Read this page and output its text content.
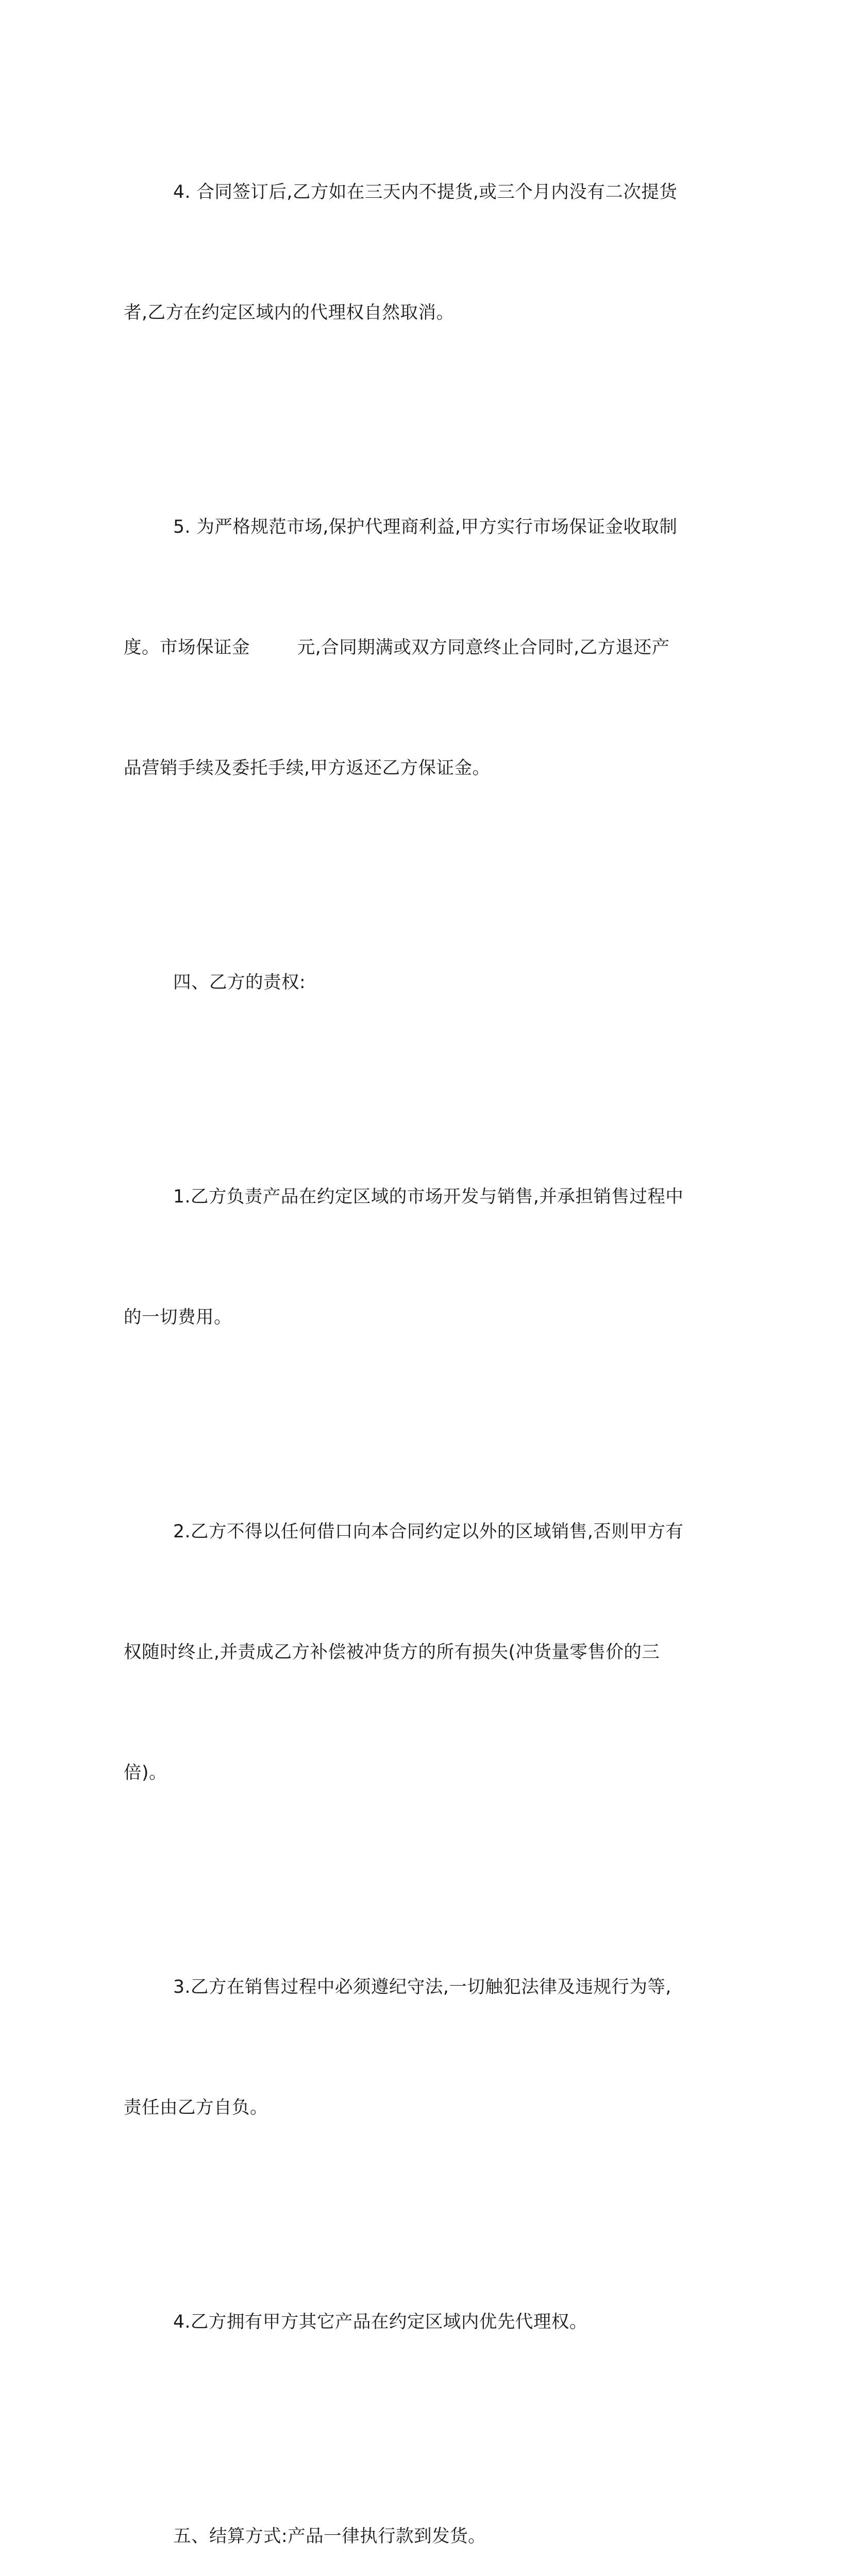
4. 合同签订后,乙方如在三天内不提货,或三个月内没有二次提货

者,乙方在约定区域内的代理权自然取消。

5. 为严格规范市场,保护代理商利益,甲方实行市场保证金收取制

度。市场保证金        元,合同期满或双方同意终止合同时,乙方退还产

品营销手续及委托手续,甲方返还乙方保证金。

四、乙方的责权:

1.乙方负责产品在约定区域的市场开发与销售,并承担销售过程中

的一切费用。

2.乙方不得以任何借口向本合同约定以外的区域销售,否则甲方有

权随时终止,并责成乙方补偿被冲货方的所有损失(冲货量零售价的三

倍)。

3.乙方在销售过程中必须遵纪守法,一切触犯法律及违规行为等,

责任由乙方自负。

4.乙方拥有甲方其它产品在约定区域内优先代理权。

五、结算方式:产品一律执行款到发货。
